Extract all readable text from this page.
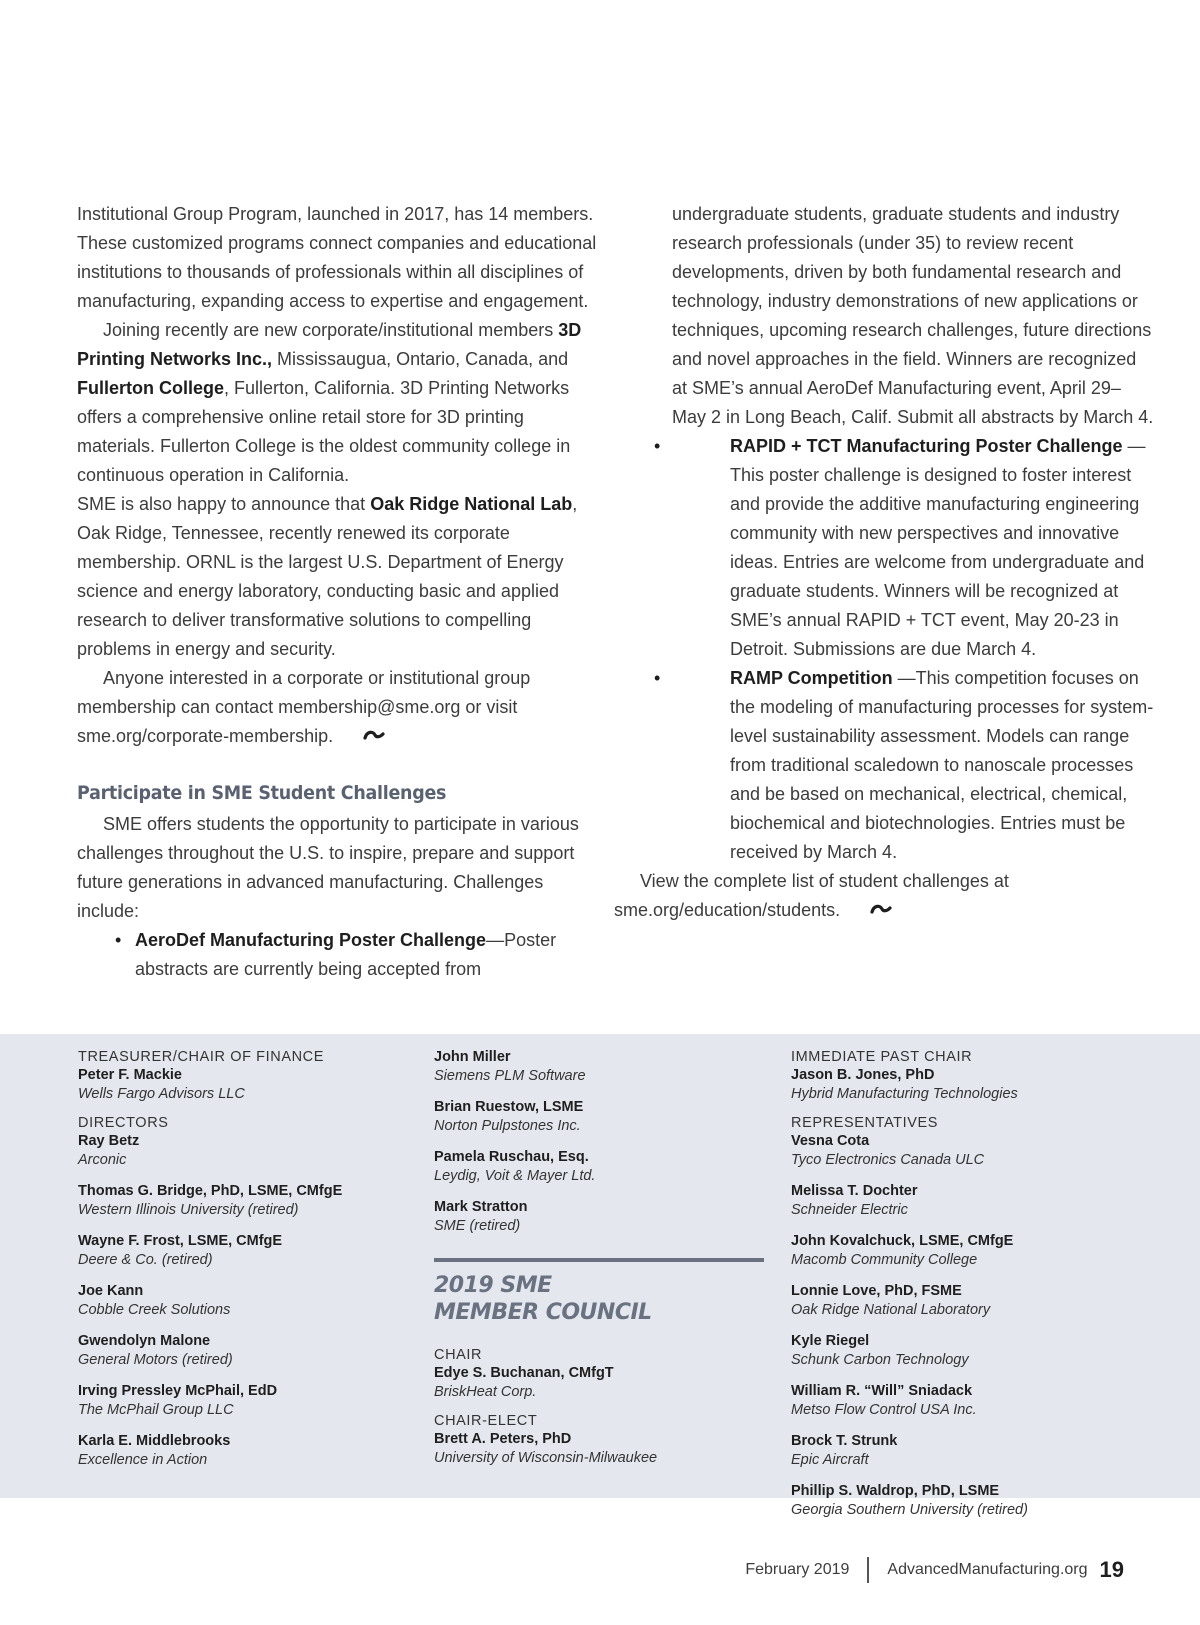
Institutional Group Program, launched in 2017, has 14 members. These customized programs connect companies and educational institutions to thousands of professionals within all disciplines of manufacturing, expanding access to expertise and engagement.

Joining recently are new corporate/institutional members 3D Printing Networks Inc., Mississaugua, Ontario, Canada, and Fullerton College, Fullerton, California. 3D Printing Networks offers a comprehensive online retail store for 3D printing materials. Fullerton College is the oldest community college in continuous operation in California.

SME is also happy to announce that Oak Ridge National Lab, Oak Ridge, Tennessee, recently renewed its corporate membership. ORNL is the largest U.S. Department of Energy science and energy laboratory, conducting basic and applied research to deliver transformative solutions to compelling problems in energy and security.

Anyone interested in a corporate or institutional group membership can contact membership@sme.org or visit sme.org/corporate-membership.

Participate in SME Student Challenges

SME offers students the opportunity to participate in various challenges throughout the U.S. to inspire, prepare and support future generations in advanced manufacturing. Challenges include:

• AeroDef Manufacturing Poster Challenge—Poster abstracts are currently being accepted from

undergraduate students, graduate students and industry research professionals (under 35) to review recent developments, driven by both fundamental research and technology, industry demonstrations of new applications or techniques, upcoming research challenges, future directions and novel approaches in the field. Winners are recognized at SME’s annual AeroDef Manufacturing event, April 29–May 2 in Long Beach, Calif. Submit all abstracts by March 4.

•	RAPID + TCT Manufacturing Poster Challenge —This poster challenge is designed to foster interest and provide the additive manufacturing engineering community with new perspectives and innovative ideas. Entries are welcome from undergraduate and graduate students. Winners will be recognized at SME’s annual RAPID + TCT event, May 20-23 in Detroit. Submissions are due March 4.
•	RAMP Competition —This competition focuses on the modeling of manufacturing processes for system-level sustainability assessment. Models can range from traditional scaledown to nanoscale processes and be based on mechanical, electrical, chemical, biochemical and biotechnologies. Entries must be received by March 4.

View the complete list of student challenges at sme.org/education/students.

TREASURER/CHAIR OF FINANCE
Peter F. Mackie
Wells Fargo Advisors LLC
DIRECTORS
Ray Betz
Arconic
Thomas G. Bridge, PhD, LSME, CMfgE
Western Illinois University (retired)
Wayne F. Frost, LSME, CMfgE
Deere & Co. (retired)
Joe Kann
Cobble Creek Solutions
Gwendolyn Malone
General Motors (retired)
Irving Pressley McPhail, EdD
The McPhail Group LLC
Karla E. Middlebrooks
Excellence in Action
John Miller
Siemens PLM Software
Brian Ruestow, LSME
Norton Pulpstones Inc.
Pamela Ruschau, Esq.
Leydig, Voit & Mayer Ltd.
Mark Stratton
SME (retired)
2019 SME
MEMBER COUNCIL
CHAIR
Edye S. Buchanan, CMfgT
BriskHeat Corp.
CHAIR-ELECT
Brett A. Peters, PhD
University of Wisconsin-Milwaukee
IMMEDIATE PAST CHAIR
Jason B. Jones, PhD
Hybrid Manufacturing Technologies
REPRESENTATIVES
Vesna Cota
Tyco Electronics Canada ULC
Melissa T. Dochter
Schneider Electric
John Kovalchuck, LSME, CMfgE
Macomb Community College
Lonnie Love, PhD, FSME
Oak Ridge National Laboratory
Kyle Riegel
Schunk Carbon Technology
William R. “Will” Sniadack
Metso Flow Control USA Inc.
Brock T. Strunk
Epic Aircraft
Phillip S. Waldrop, PhD, LSME
Georgia Southern University (retired)
February 2019 AdvancedManufacturing.org 19
